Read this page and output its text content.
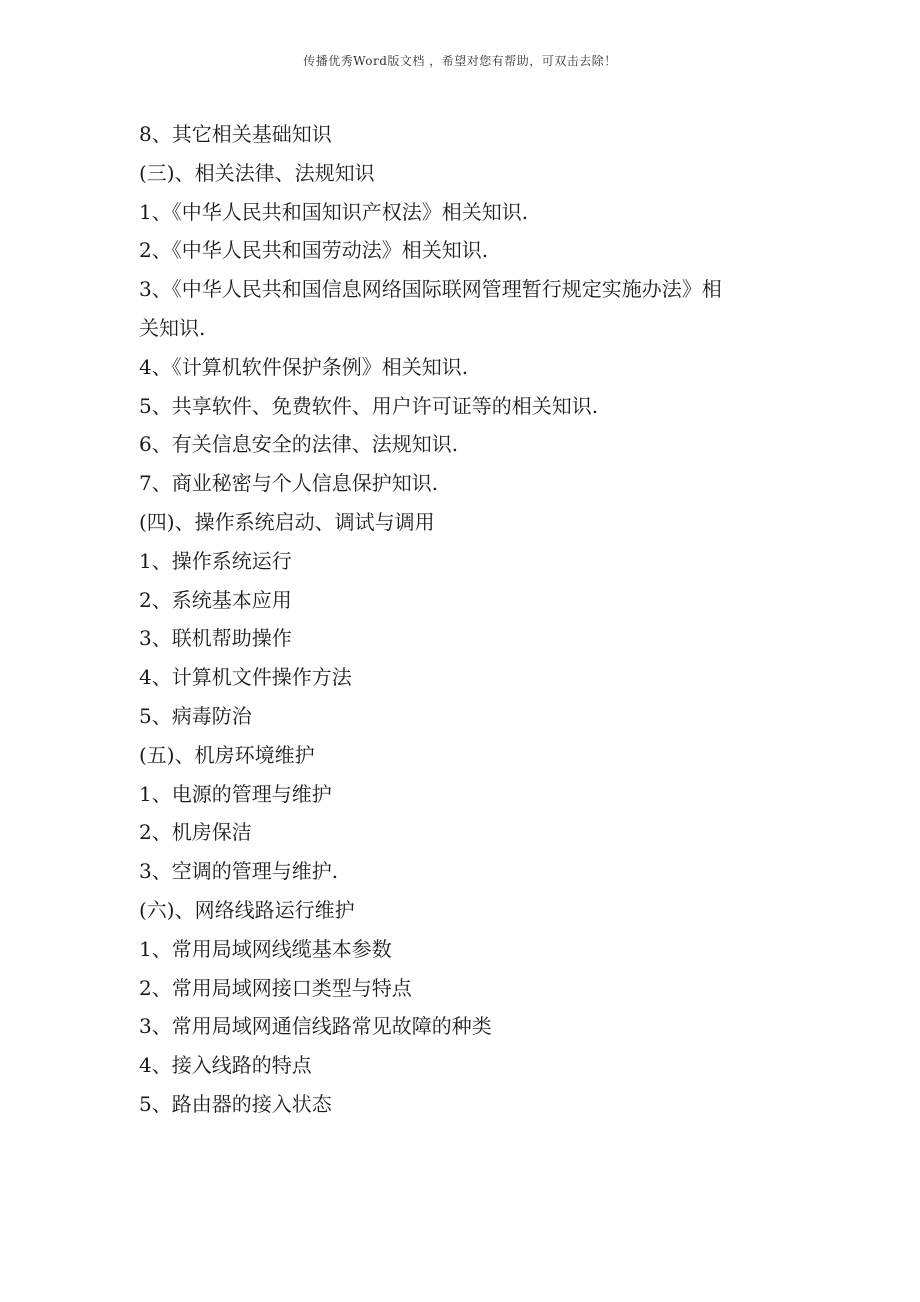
传播优秀Word版文档 ，希望对您有帮助，可双击去除！
8、其它相关基础知识
(三)、相关法律、法规知识
1、《中华人民共和国知识产权法》相关知识.
2、《中华人民共和国劳动法》相关知识.
3、《中华人民共和国信息网络国际联网管理暂行规定实施办法》相
关知识.
4、《计算机软件保护条例》相关知识.
5、共享软件、免费软件、用户许可证等的相关知识.
6、有关信息安全的法律、法规知识.
7、商业秘密与个人信息保护知识.
(四)、操作系统启动、调试与调用
1、操作系统运行
2、系统基本应用
3、联机帮助操作
4、计算机文件操作方法
5、病毒防治
(五)、机房环境维护
1、电源的管理与维护
2、机房保洁
3、空调的管理与维护.
(六)、网络线路运行维护
1、常用局域网线缆基本参数
2、常用局域网接口类型与特点
3、常用局域网通信线路常见故障的种类
4、接入线路的特点
5、路由器的接入状态
